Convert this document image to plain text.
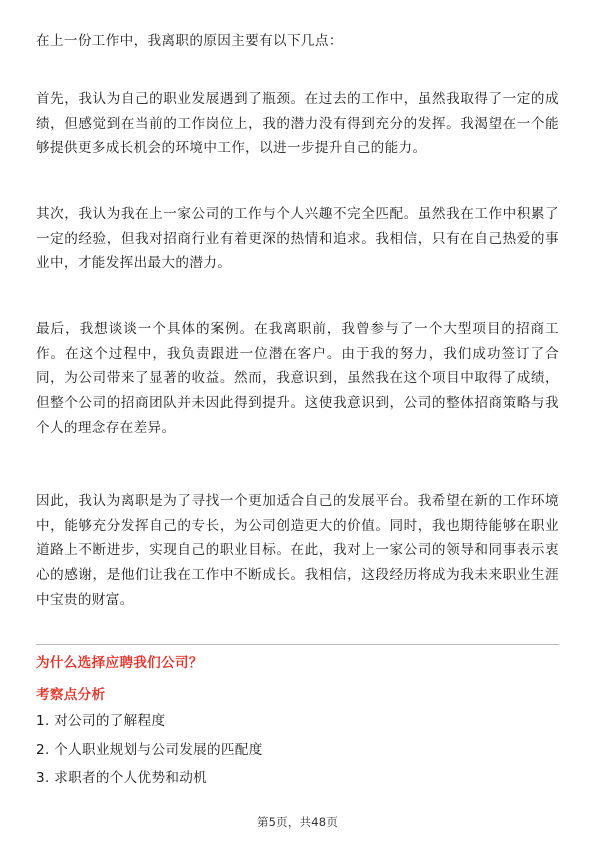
在上一份工作中，我离职的原因主要有以下几点：

首先，我认为自己的职业发展遇到了瓶颈。在过去的工作中，虽然我取得了一定的成绩，但感觉到在当前的工作岗位上，我的潜力没有得到充分的发挥。我渴望在一个能够提供更多成长机会的环境中工作，以进一步提升自己的能力。

其次，我认为我在上一家公司的工作与个人兴趣不完全匹配。虽然我在工作中积累了一定的经验，但我对招商行业有着更深的热情和追求。我相信，只有在自己热爱的事业中，才能发挥出最大的潜力。

最后，我想谈谈一个具体的案例。在我离职前，我曾参与了一个大型项目的招商工作。在这个过程中，我负责跟进一位潜在客户。由于我的努力，我们成功签订了合同，为公司带来了显著的收益。然而，我意识到，虽然我在这个项目中取得了成绩，但整个公司的招商团队并未因此得到提升。这使我意识到，公司的整体招商策略与我个人的理念存在差异。

因此，我认为离职是为了寻找一个更加适合自己的发展平台。我希望在新的工作环境中，能够充分发挥自己的专长，为公司创造更大的价值。同时，我也期待能够在职业道路上不断进步，实现自己的职业目标。在此，我对上一家公司的领导和同事表示衷心的感谢，是他们让我在工作中不断成长。我相信，这段经历将成为我未来职业生涯中宝贵的财富。

为什么选择应聘我们公司？
考察点分析
1. 对公司的了解程度
2. 个人职业规划与公司发展的匹配度
3. 求职者的个人优势和动机
第5页，共48页
